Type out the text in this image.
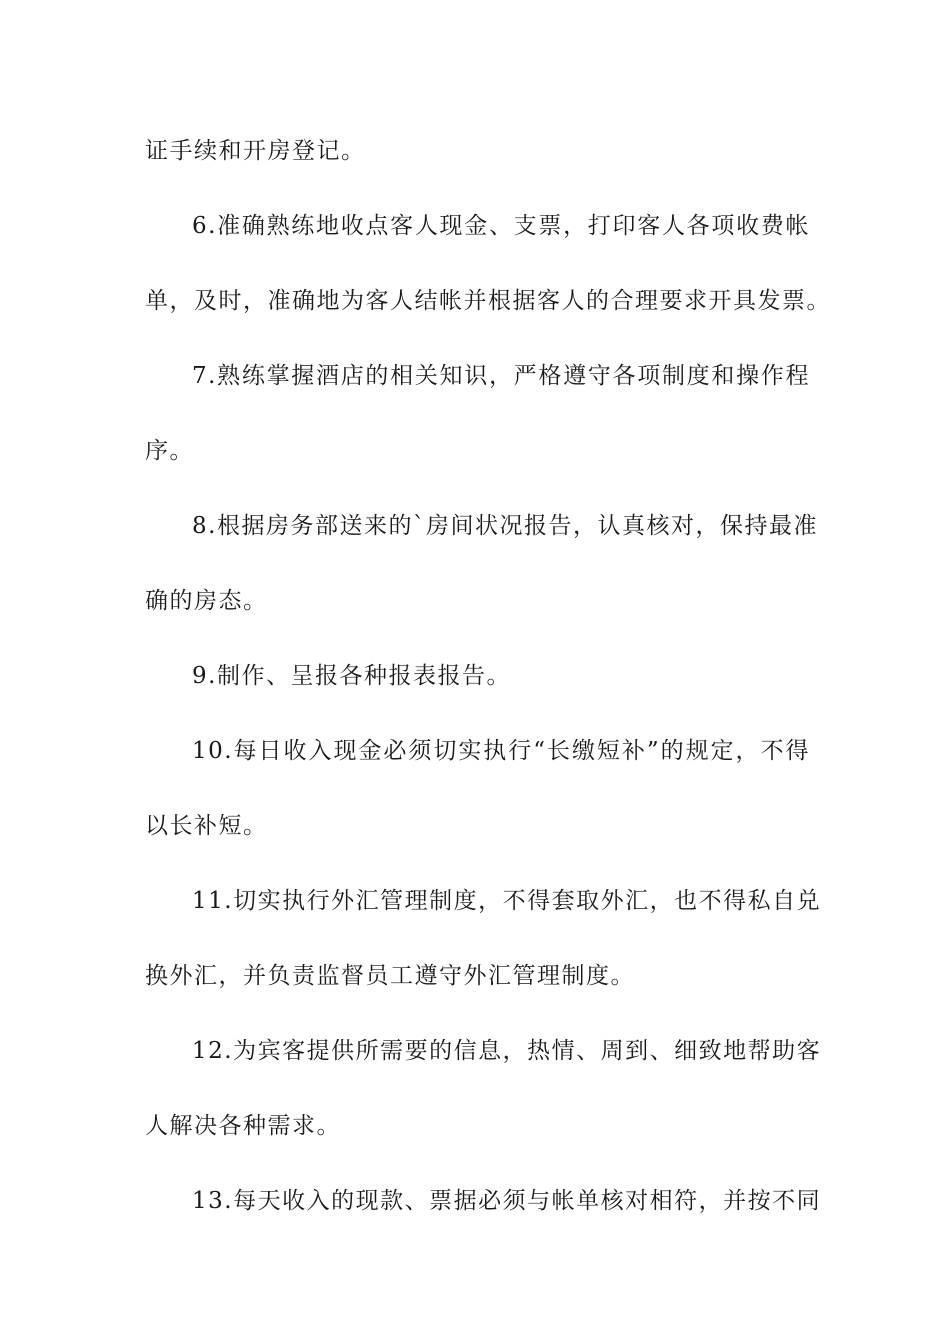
证手续和开房登记。
6.准确熟练地收点客人现金、支票，打印客人各项收费帐
单，及时，准确地为客人结帐并根据客人的合理要求开具发票。
7.熟练掌握酒店的相关知识，严格遵守各项制度和操作程
序。
8.根据房务部送来的`房间状况报告，认真核对，保持最准
确的房态。
9.制作、呈报各种报表报告。
10.每日收入现金必须切实执行“长缴短补”的规定，不得
以长补短。
11.切实执行外汇管理制度，不得套取外汇，也不得私自兑
换外汇，并负责监督员工遵守外汇管理制度。
12.为宾客提供所需要的信息，热情、周到、细致地帮助客
人解决各种需求。
13.每天收入的现款、票据必须与帐单核对相符，并按不同
